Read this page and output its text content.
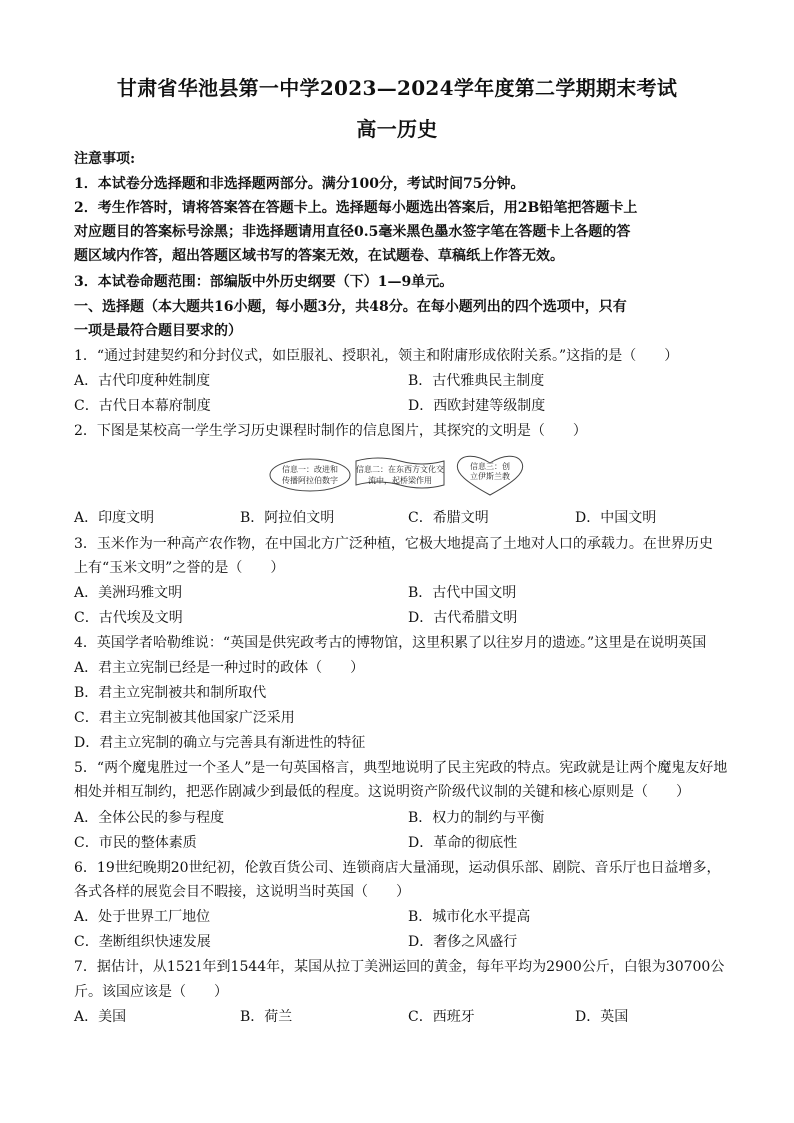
甘肃省华池县第一中学2023—2024学年度第二学期期末考试
高一历史
注意事项:
1．本试卷分选择题和非选择题两部分。满分100分，考试时间75分钟。
2．考生作答时，请将答案答在答题卡上。选择题每小题选出答案后，用2B铅笔把答题卡上
对应题目的答案标号涂黑；非选择题请用直径0.5毫米黑色墨水签字笔在答题卡上各题的答
题区域内作答，超出答题区域书写的答案无效，在试题卷、草稿纸上作答无效。
3．本试卷命题范围：部编版中外历史纲要（下）1—9单元。
一、选择题（本大题共16小题，每小题3分，共48分。在每小题列出的四个选项中，只有
一项是最符合题目要求的）
1．“通过封建契约和分封仪式，如臣服礼、授职礼，领主和附庸形成依附关系。”这指的是（　　）
A．古代印度种姓制度	B．古代雅典民主制度
C．古代日本幕府制度	D．西欧封建等级制度
2．下图是某校高一学生学习历史课程时制作的信息图片，其探究的文明是（　　）
信息一：改进和
传播阿拉伯数字
信息二：在东西方文化交
流中，起桥梁作用
信息三：创
立伊斯兰教
A．印度文明	B．阿拉伯文明	C．希腊文明	D．中国文明
3．玉米作为一种高产农作物，在中国北方广泛种植，它极大地提高了土地对人口的承载力。在世界历史
上有“玉米文明”之誉的是（　　）
A．美洲玛雅文明	B．古代中国文明
C．古代埃及文明	D．古代希腊文明
4．英国学者哈勒维说：“英国是供宪政考古的博物馆，这里积累了以往岁月的遗迹。”这里是在说明英国
A．君主立宪制已经是一种过时的政体（　　）
B．君主立宪制被共和制所取代
C．君主立宪制被其他国家广泛采用
D．君主立宪制的确立与完善具有渐进性的特征
5．“两个魔鬼胜过一个圣人”是一句英国格言，典型地说明了民主宪政的特点。宪政就是让两个魔鬼友好地
相处并相互制约，把恶作剧减少到最低的程度。这说明资产阶级代议制的关键和核心原则是（　　）
A．全体公民的参与程度	B．权力的制约与平衡
C．市民的整体素质	D．革命的彻底性
6．19世纪晚期20世纪初，伦敦百货公司、连锁商店大量涌现，运动俱乐部、剧院、音乐厅也日益增多，
各式各样的展览会目不暇接，这说明当时英国（　　）
A．处于世界工厂地位	B．城市化水平提高
C．垄断组织快速发展	D．奢侈之风盛行
7．据估计，从1521年到1544年，某国从拉丁美洲运回的黄金，每年平均为2900公斤，白银为30700公
斤。该国应该是（　　）
A．美国	B．荷兰	C．西班牙	D．英国
